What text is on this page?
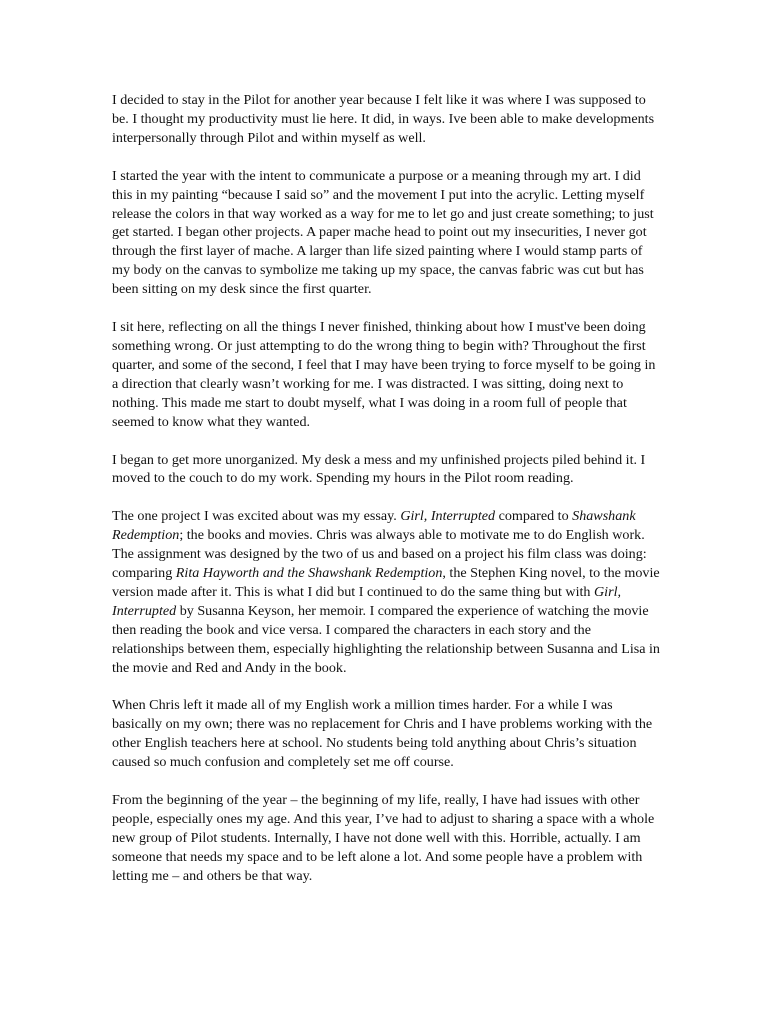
I decided to stay in the Pilot for another year because I felt like it was where I was supposed to be. I thought my productivity must lie here. It did, in ways. Ive been able to make developments interpersonally through Pilot and within myself as well.

I started the year with the intent to communicate a purpose or a meaning through my art. I did this in my painting “because I said so” and the movement I put into the acrylic. Letting myself release the colors in that way worked as a way for me to let go and just create something; to just get started. I began other projects. A paper mache head to point out my insecurities, I never got through the first layer of mache. A larger than life sized painting where I would stamp parts of my body on the canvas to symbolize me taking up my space, the canvas fabric was cut but has been sitting on my desk since the first quarter.

I sit here, reflecting on all the things I never finished, thinking about how I must've been doing something wrong. Or just attempting to do the wrong thing to begin with? Throughout the first quarter, and some of the second, I feel that I may have been trying to force myself to be going in a direction that clearly wasn’t working for me. I was distracted. I was sitting, doing next to nothing. This made me start to doubt myself, what I was doing in a room full of people that seemed to know what they wanted.

I began to get more unorganized. My desk a mess and my unfinished projects piled behind it. I moved to the couch to do my work. Spending my hours in the Pilot room reading.

The one project I was excited about was my essay. Girl, Interrupted compared to Shawshank Redemption; the books and movies. Chris was always able to motivate me to do English work. The assignment was designed by the two of us and based on a project his film class was doing: comparing Rita Hayworth and the Shawshank Redemption, the Stephen King novel, to the movie version made after it. This is what I did but I continued to do the same thing but with Girl, Interrupted by Susanna Keyson, her memoir. I compared the experience of watching the movie then reading the book and vice versa. I compared the characters in each story and the relationships between them, especially highlighting the relationship between Susanna and Lisa in the movie and Red and Andy in the book.

When Chris left it made all of my English work a million times harder. For a while I was basically on my own; there was no replacement for Chris and I have problems working with the other English teachers here at school. No students being told anything about Chris’s situation caused so much confusion and completely set me off course.

From the beginning of the year – the beginning of my life, really, I have had issues with other people, especially ones my age. And this year, I’ve had to adjust to sharing a space with a whole new group of Pilot students. Internally, I have not done well with this. Horrible, actually. I am someone that needs my space and to be left alone a lot. And some people have a problem with letting me – and others be that way.
